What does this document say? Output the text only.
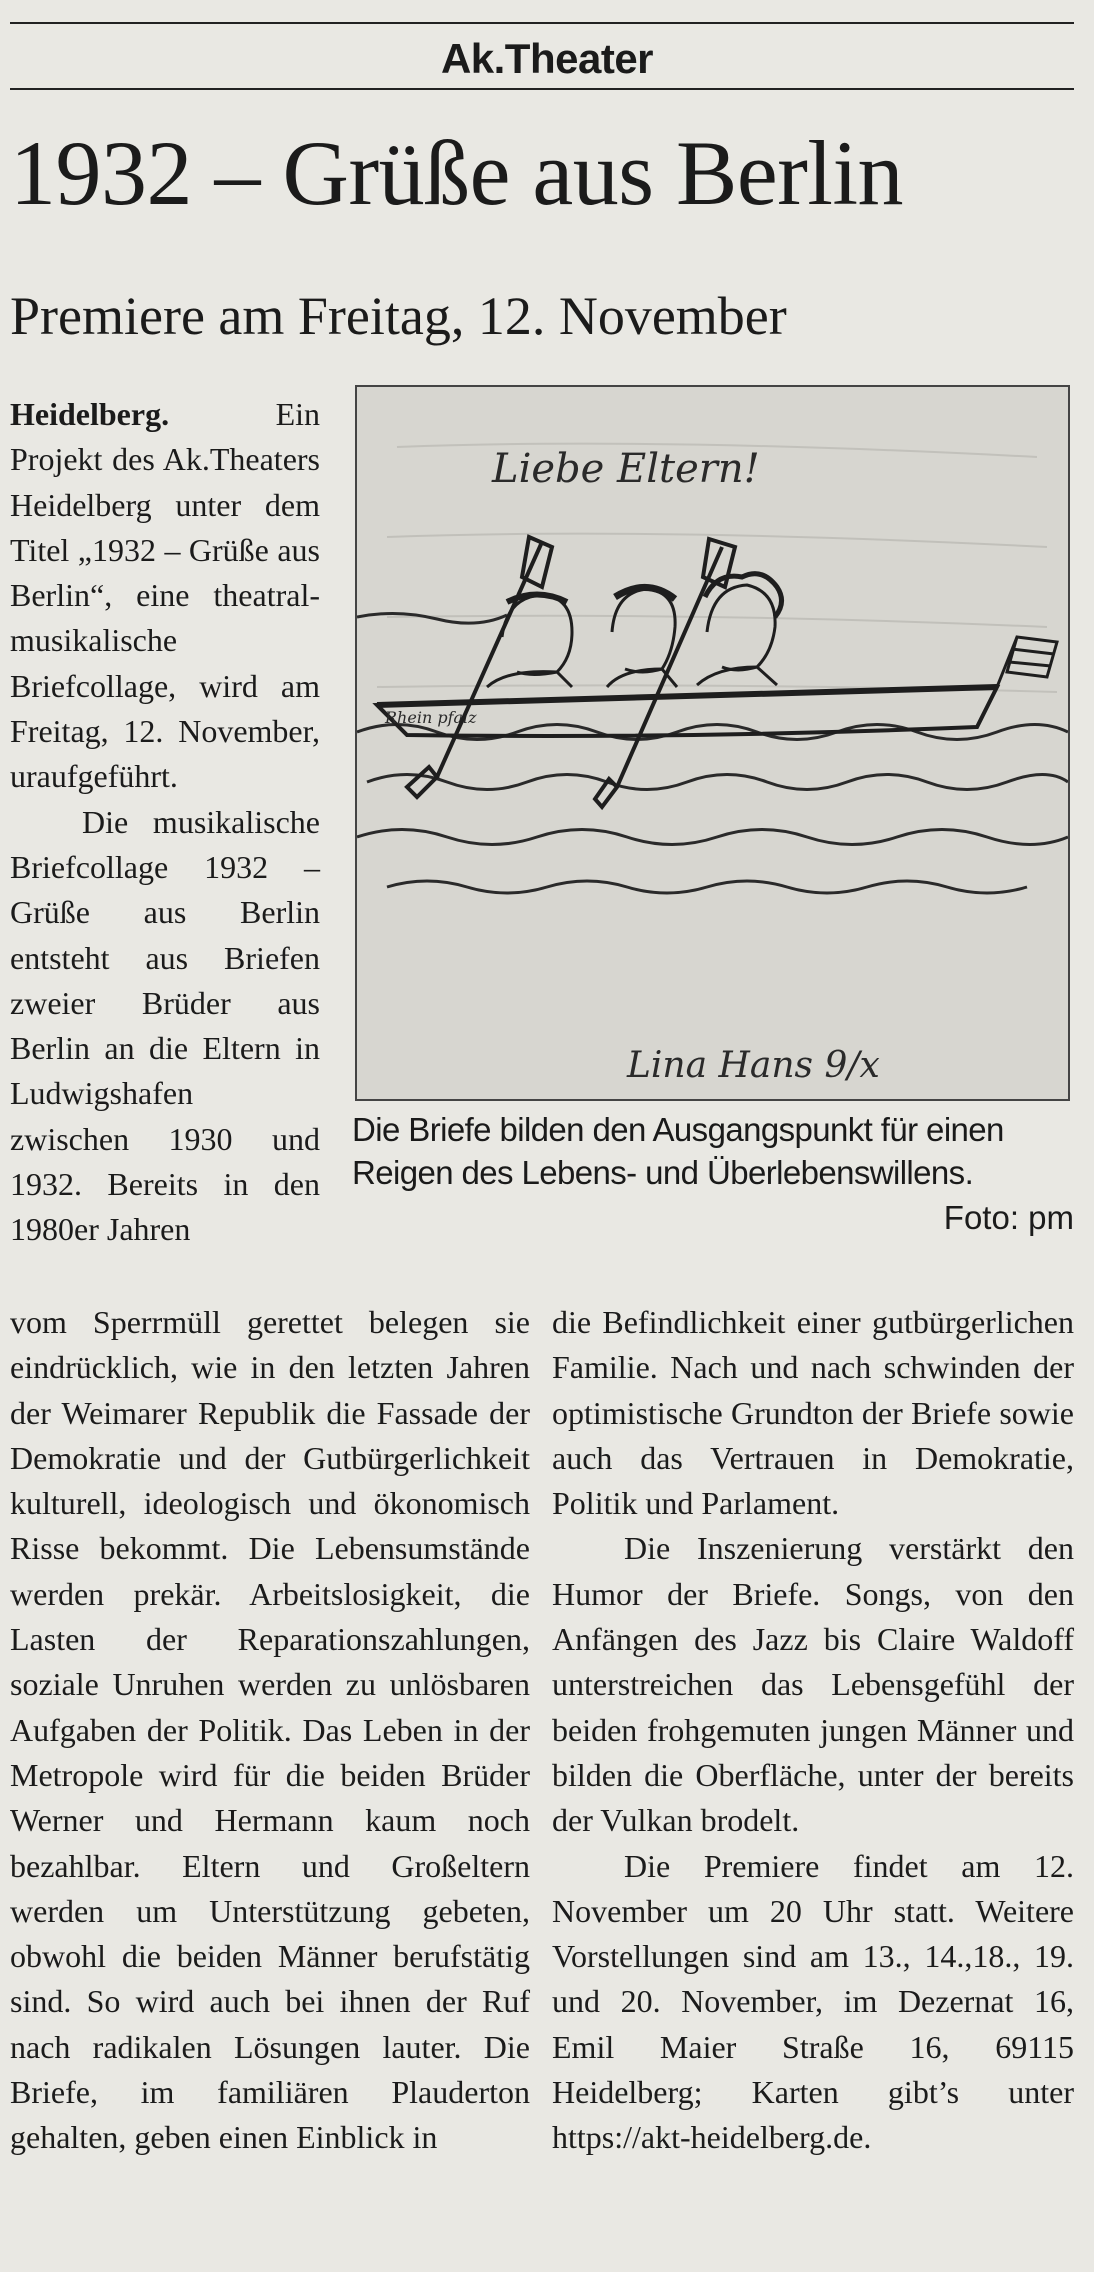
Ak.Theater
1932 – Grüße aus Berlin
Premiere am Freitag, 12. November

Heidelberg.	Ein Projekt des Ak.Theaters Heidelberg unter dem Titel „1932 – Grüße aus Berlin“, eine theatral-musikalische Briefcollage, wird am Freitag, 12. November, uraufgeführt.

Die musikalische Briefcollage 1932 – Grüße aus Berlin entsteht aus Briefen zweier Brüder aus Berlin an die Eltern in Ludwigshafen zwischen 1930 und 1932. Bereits in den 1980er Jahren

Liebe Eltern!
Rhein pfalz
Lina Hans 9/x
Die Briefe bilden den Ausgangspunkt für einen Reigen des Lebens- und Überlebenswillens.
Foto: pm

vom Sperrmüll gerettet belegen sie eindrücklich, wie in den letzten Jahren der Weimarer Republik die Fassade der Demokratie und der Gutbürgerlichkeit kulturell, ideologisch und ökonomisch Risse bekommt. Die Lebensumstände werden prekär. Arbeitslosigkeit, die Lasten der Reparationszahlungen, soziale Unruhen werden zu unlösbaren Aufgaben der Politik. Das Leben in der Metropole wird für die beiden Brüder Werner und Hermann kaum noch bezahlbar. Eltern und Großeltern werden um Unterstützung gebeten, obwohl die beiden Männer berufstätig sind. So wird auch bei ihnen der Ruf nach radikalen Lösungen lauter. Die Briefe, im familiären Plauderton gehalten, geben einen Einblick in

die Befindlichkeit einer gutbürgerlichen Familie. Nach und nach schwinden der optimistische Grundton der Briefe sowie auch das Vertrauen in Demokratie, Politik und Parlament.

Die Inszenierung verstärkt den Humor der Briefe. Songs, von den Anfängen des Jazz bis Claire Waldoff unterstreichen das Lebensgefühl der beiden frohgemuten jungen Männer und bilden die Oberfläche, unter der bereits der Vulkan brodelt.

Die Premiere findet am 12. November um 20 Uhr statt. Weitere Vorstellungen sind am 13., 14.,18., 19. und 20. November, im Dezernat 16, Emil Maier Straße 16, 69115 Heidelberg; Karten gibt’s unter https://akt-heidelberg.de.
